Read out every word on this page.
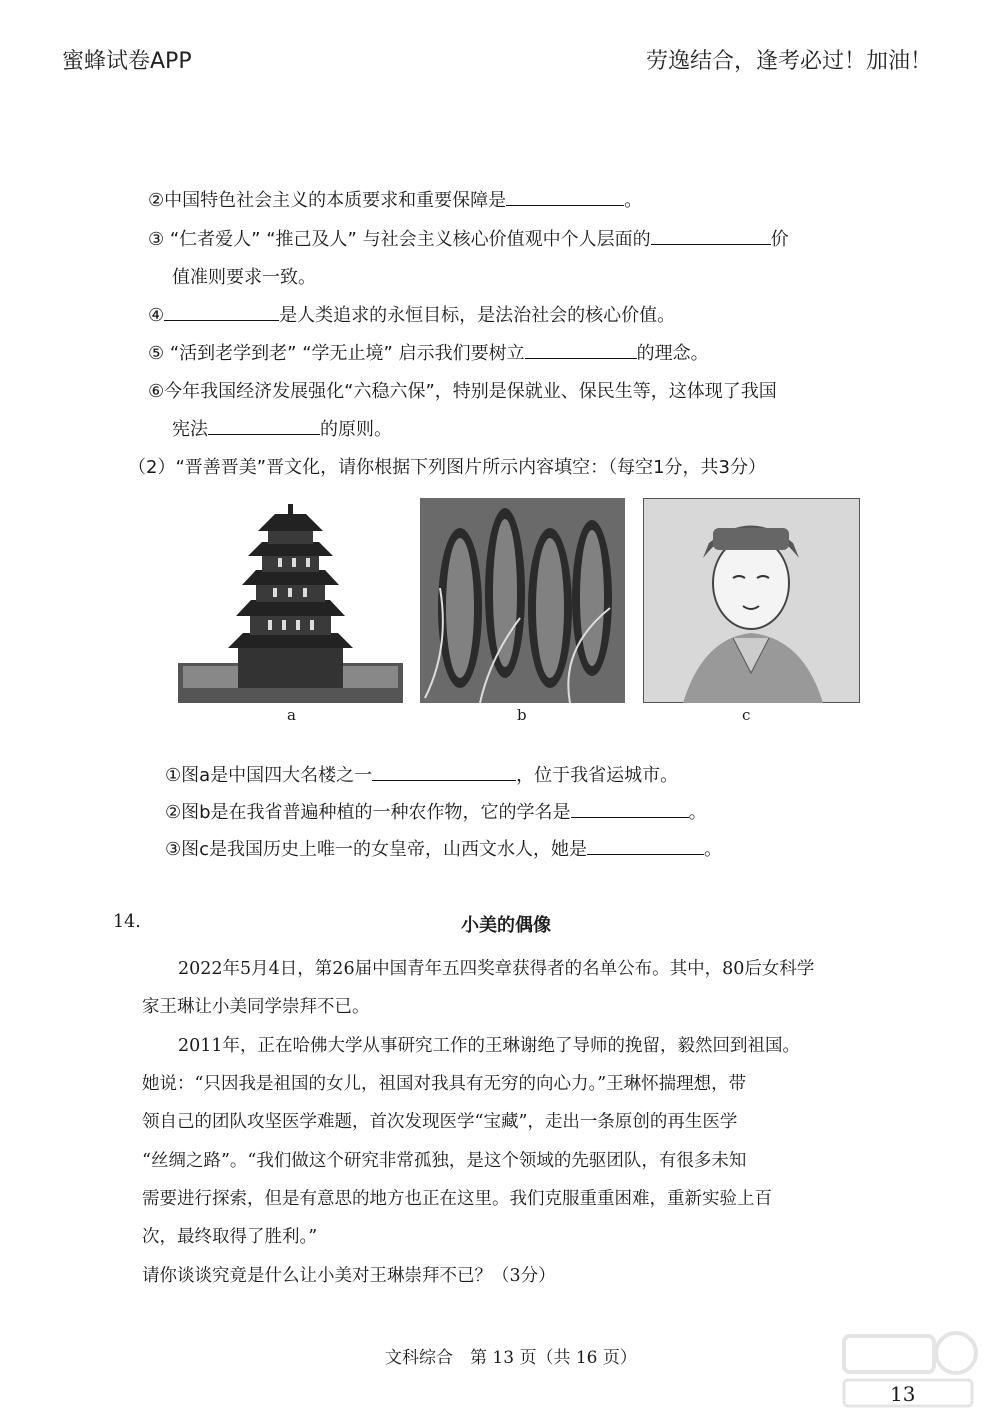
蜜蜂试卷APP	劳逸结合，逢考必过！加油！
②中国特色社会主义的本质要求和重要保障是	。
③ “仁者爱人” “推己及人” 与社会主义核心价值观中个人层面的	价
值准则要求一致。
④	是人类追求的永恒目标，是法治社会的核心价值。
⑤ “活到老学到老” “学无止境” 启示我们要树立	的理念。
⑥今年我国经济发展强化“六稳六保”，特别是保就业、保民生等，这体现了我国
宪法	的原则。
（2）“晋善晋美”晋文化，请你根据下列图片所示内容填空：（每空1分，共3分）
a	b	c
①图a是中国四大名楼之一	，位于我省运城市。
②图b是在我省普遍种植的一种农作物，它的学名是	。
③图c是我国历史上唯一的女皇帝，山西文水人，她是	。
14.	小美的偶像
2022年5月4日，第26届中国青年五四奖章获得者的名单公布。其中，80后女科学
家王琳让小美同学崇拜不已。
2011年，正在哈佛大学从事研究工作的王琳谢绝了导师的挽留，毅然回到祖国。
她说：“只因我是祖国的女儿，祖国对我具有无穷的向心力。”王琳怀揣理想，带
领自己的团队攻坚医学难题，首次发现医学“宝藏”，走出一条原创的再生医学
“丝绸之路”。“我们做这个研究非常孤独，是这个领域的先驱团队，有很多未知
需要进行探索，但是有意思的地方也正在这里。我们克服重重困难，重新实验上百
次，最终取得了胜利。”
请你谈谈究竟是什么让小美对王琳崇拜不已？（3分）
文科综合　第 13 页（共 16 页）
13
